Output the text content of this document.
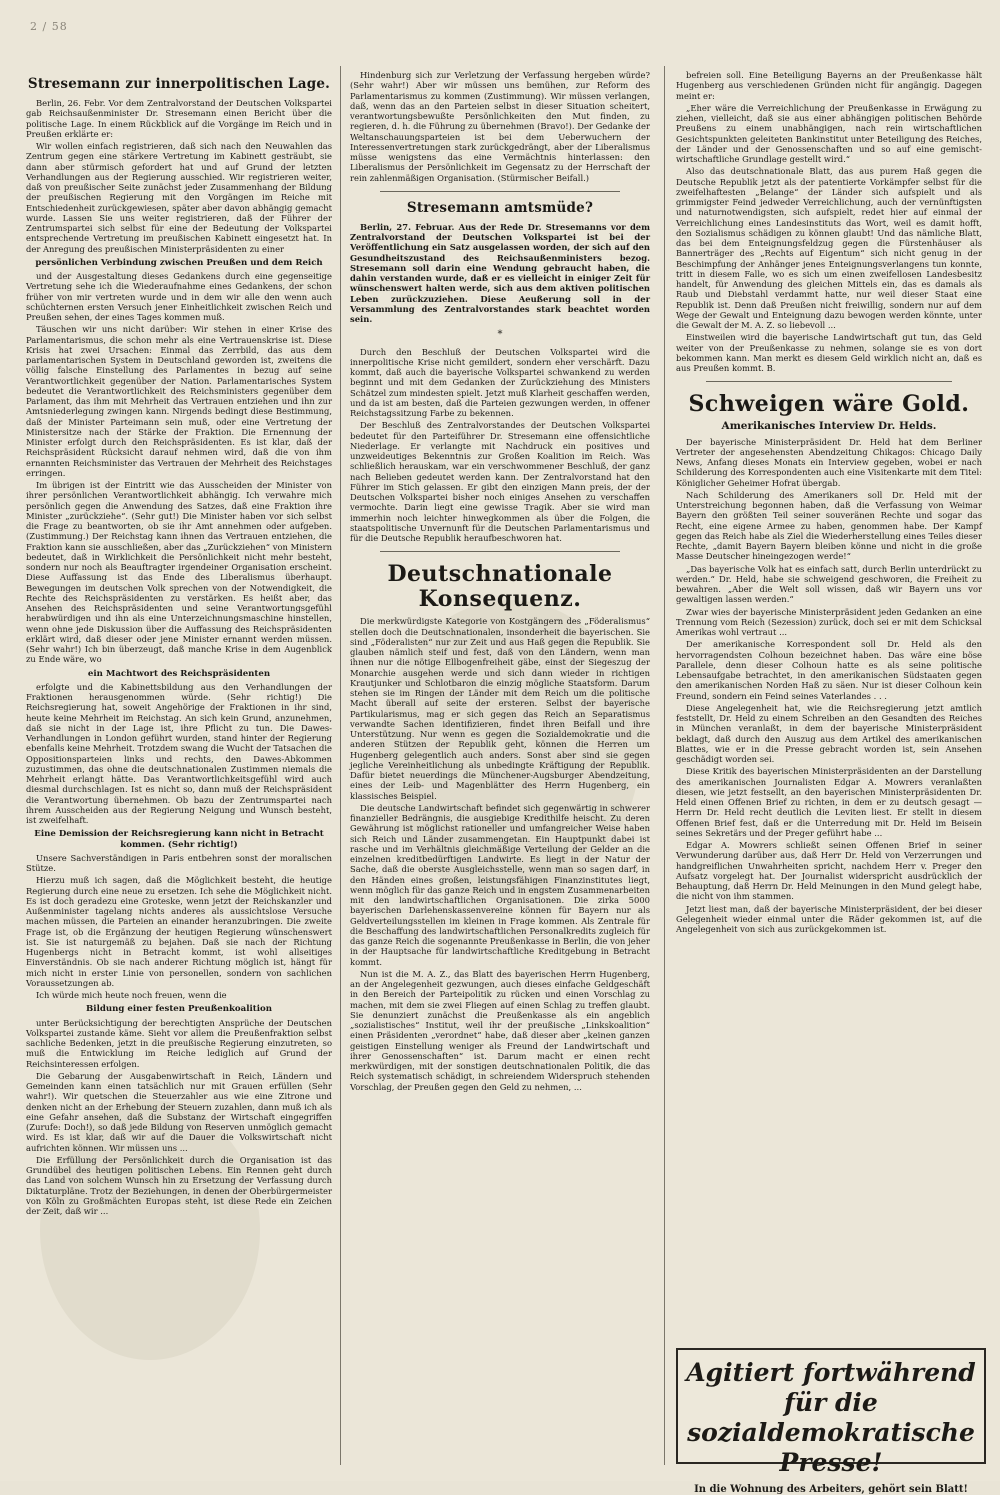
2 / 58
Stresemann zur innerpolitischen Lage.

Berlin, 26. Febr. Vor dem Zentralvorstand der Deutschen Volkspartei gab Reichsaußenminister Dr. Stresemann einen Bericht über die politische Lage. In einem Rückblick auf die Vorgänge im Reich und in Preußen erklärte er:

Wir wollen einfach registrieren, daß sich nach den Neuwahlen das Zentrum gegen eine stärkere Vertretung im Kabinett gesträubt, sie dann aber stürmisch gefordert hat und auf Grund der letzten Verhandlungen aus der Regierung ausschied. Wir registrieren weiter, daß von preußischer Seite zunächst jeder Zusammenhang der Bildung der preußischen Regierung mit den Vorgängen im Reiche mit Entschiedenheit zurückgewiesen, später aber davon abhängig gemacht wurde. Lassen Sie uns weiter registrieren, daß der Führer der Zentrumspartei sich selbst für eine der Bedeutung der Volkspartei entsprechende Vertretung im preußischen Kabinett eingesetzt hat. In der Anregung des preußischen Ministerpräsidenten zu einer

persönlichen Verbindung zwischen Preußen und dem Reich

und der Ausgestaltung dieses Gedankens durch eine gegenseitige Vertretung sehe ich die Wiederaufnahme eines Gedankens, der schon früher von mir vertreten wurde und in dem wir alle den wenn auch schüchternen ersten Versuch jener Einheitlichkeit zwischen Reich und Preußen sehen, der eines Tages kommen muß.

Täuschen wir uns nicht darüber: Wir stehen in einer Krise des Parlamentarismus, die schon mehr als eine Vertrauenskrise ist. Diese Krisis hat zwei Ursachen: Einmal das Zerrbild, das aus dem parlamentarischen System in Deutschland geworden ist, zweitens die völlig falsche Einstellung des Parlamentes in bezug auf seine Verantwortlichkeit gegenüber der Nation. Parlamentarisches System bedeutet die Verantwortlichkeit des Reichsministers gegenüber dem Parlament, das ihm mit Mehrheit das Vertrauen entziehen und ihn zur Amtsniederlegung zwingen kann. Nirgends bedingt diese Bestimmung, daß der Minister Parteimann sein muß, oder eine Vertretung der Ministersitze nach der Stärke der Fraktion. Die Ernennung der Minister erfolgt durch den Reichspräsidenten. Es ist klar, daß der Reichspräsident Rücksicht darauf nehmen wird, daß die von ihm ernannten Reichsminister das Vertrauen der Mehrheit des Reichstages erringen.

Im übrigen ist der Eintritt wie das Ausscheiden der Minister von ihrer persönlichen Verantwortlichkeit abhängig. Ich verwahre mich persönlich gegen die Anwendung des Satzes, daß eine Fraktion ihre Minister „zurückziehe“. (Sehr gut!) Die Minister haben vor sich selbst die Frage zu beantworten, ob sie ihr Amt annehmen oder aufgeben. (Zustimmung.) Der Reichstag kann ihnen das Vertrauen entziehen, die Fraktion kann sie ausschließen, aber das „Zurückziehen“ von Ministern bedeutet, daß in Wirklichkeit die Persönlichkeit nicht mehr besteht, sondern nur noch als Beauftragter irgendeiner Organisation erscheint. Diese Auffassung ist das Ende des Liberalismus überhaupt. Bewegungen im deutschen Volk sprechen von der Notwendigkeit, die Rechte des Reichspräsidenten zu verstärken. Es heißt aber, das Ansehen des Reichspräsidenten und seine Verantwortungsgefühl herabwürdigen und ihn als eine Unterzeichnungsmaschine hinstellen, wenn ohne jede Diskussion über die Auffassung des Reichspräsidenten erklärt wird, daß dieser oder jene Minister ernannt werden müssen. (Sehr wahr!) Ich bin überzeugt, daß manche Krise in dem Augenblick zu Ende wäre, wo

ein Machtwort des Reichspräsidenten

erfolgte und die Kabinettsbildung aus den Verhandlungen der Fraktionen herausgenommen würde. (Sehr richtig!) Die Reichsregierung hat, soweit Angehörige der Fraktionen in ihr sind, heute keine Mehrheit im Reichstag. An sich kein Grund, anzunehmen, daß sie nicht in der Lage ist, ihre Pflicht zu tun. Die Dawes-Verhandlungen in London geführt wurden, stand hinter der Regierung ebenfalls keine Mehrheit. Trotzdem swang die Wucht der Tatsachen die Oppositionsparteien links und rechts, den Dawes-Abkommen zuzustimmen, das ohne die deutschnationalen Zustimmen niemals die Mehrheit erlangt hätte. Das Verantwortlichkeitsgefühl wird auch diesmal durchschlagen. Ist es nicht so, dann muß der Reichspräsident die Verantwortung übernehmen. Ob bazu der Zentrumspartei nach ihrem Ausscheiden aus der Regierung Neigung und Wunsch besteht, ist zweifelhaft.

Eine Demission der Reichsregierung kann nicht in Betracht kommen. (Sehr richtig!)

Unsere Sachverständigen in Paris entbehren sonst der moralischen Stütze.

Hierzu muß ich sagen, daß die Möglichkeit besteht, die heutige Regierung durch eine neue zu ersetzen. Ich sehe die Möglichkeit nicht. Es ist doch geradezu eine Groteske, wenn jetzt der Reichskanzler und Außenminister tagelang nichts anderes als aussichtslose Versuche machen müssen, die Parteien an einander heranzubringen. Die zweite Frage ist, ob die Ergänzung der heutigen Regierung wünschenswert ist. Sie ist naturgemäß zu bejahen. Daß sie nach der Richtung Hugenbergs nicht in Betracht kommt, ist wohl allseitiges Einverständnis. Ob sie nach anderer Richtung möglich ist, hängt für mich nicht in erster Linie von personellen, sondern von sachlichen Voraussetzungen ab.

Ich würde mich heute noch freuen, wenn die

Bildung einer festen Preußenkoalition

unter Berücksichtigung der berechtigten Ansprüche der Deutschen Volkspartei zustande käme. Sieht vor allem die Preußenfraktion selbst sachliche Bedenken, jetzt in die preußische Regierung einzutreten, so muß die Entwicklung im Reiche lediglich auf Grund der Reichsinteressen erfolgen.

Die Gebarung der Ausgabenwirtschaft in Reich, Ländern und Gemeinden kann einen tatsächlich nur mit Grauen erfüllen (Sehr wahr!). Wir quetschen die Steuerzahler aus wie eine Zitrone und denken nicht an der Erhebung der Steuern zuzahlen, dann muß ich als eine Gefahr ansehen, daß die Substanz der Wirtschaft eingegriffen (Zurufe: Doch!), so daß jede Bildung von Reserven unmöglich gemacht wird. Es ist klar, daß wir auf die Dauer die Volkswirtschaft nicht aufrichten können. Wir müssen uns ...

Die Erfüllung der Persönlichkeit durch die Organisation ist das Grundübel des heutigen politischen Lebens. Ein Rennen geht durch das Land von solchem Wunsch hin zu Ersetzung der Verfassung durch Diktaturpläne. Trotz der Beziehungen, in denen der Oberbürgermeister von Köln zu Großmächten Europas steht, ist diese Rede ein Zeichen der Zeit, daß wir ...

Hindenburg sich zur Verletzung der Verfassung hergeben würde? (Sehr wahr!) Aber wir müssen uns bemühen, zur Reform des Parlamentarismus zu kommen (Zustimmung). Wir müssen verlangen, daß, wenn das an den Parteien selbst in dieser Situation scheitert, verantwortungsbewußte Persönlichkeiten den Mut finden, zu regieren, d. h. die Führung zu übernehmen (Bravo!). Der Gedanke der Weltanschauungsparteien ist bei dem Ueberwuchern der Interessenvertretungen stark zurückgedrängt, aber der Liberalismus müsse wenigstens das eine Vermächtnis hinterlassen: den Liberalismus der Persönlichkeit im Gegensatz zu der Herrschaft der rein zahlenmäßigen Organisation. (Stürmischer Beifall.)

Stresemann amtsmüde?

Berlin, 27. Februar. Aus der Rede Dr. Stresemanns vor dem Zentralvorstand der Deutschen Volkspartei ist bei der Veröffentlichung ein Satz ausgelassen worden, der sich auf den Gesundheitszustand des Reichsaußenministers bezog. Stresemann soll darin eine Wendung gebraucht haben, die dahin verstanden wurde, daß er es vielleicht in einiger Zeit für wünschenswert halten werde, sich aus dem aktiven politischen Leben zurückzuziehen. Diese Aeußerung soll in der Versammlung des Zentralvorstandes stark beachtet worden sein.

*

Durch den Beschluß der Deutschen Volkspartei wird die innerpolitische Krise nicht gemildert, sondern eher verschärft. Dazu kommt, daß auch die bayerische Volkspartei schwankend zu werden beginnt und mit dem Gedanken der Zurückziehung des Ministers Schätzel zum mindesten spielt. Jetzt muß Klarheit geschaffen werden, und da ist am besten, daß die Parteien gezwungen werden, in offener Reichstagssitzung Farbe zu bekennen.

Der Beschluß des Zentralvorstandes der Deutschen Volkspartei bedeutet für den Parteiführer Dr. Stresemann eine offensichtliche Niederlage. Er verlangte mit Nachdruck ein positives und unzweideutiges Bekenntnis zur Großen Koalition im Reich. Was schließlich herauskam, war ein verschwommener Beschluß, der ganz nach Belieben gedeutet werden kann. Der Zentralvorstand hat den Führer im Stich gelassen. Er gibt den einzigen Mann preis, der der Deutschen Volkspartei bisher noch einiges Ansehen zu verschaffen vermochte. Darin liegt eine gewisse Tragik. Aber sie wird man immerhin noch leichter hinwegkommen als über die Folgen, die staatspolitische Unvernunft für die Deutschen Parlamentarismus und für die Deutsche Republik heraufbeschworen hat.

Deutschnationale Konsequenz.

Die merkwürdigste Kategorie von Kostgängern des „Föderalismus“ stellen doch die Deutschnationalen, insonderheit die bayerischen. Sie sind „Föderalisten“ nur zur Zeit und aus Haß gegen die Republik. Sie glauben nämlich steif und fest, daß von den Ländern, wenn man ihnen nur die nötige Ellbogenfreiheit gäbe, einst der Siegeszug der Monarchie ausgehen werde und sich dann wieder in richtigen Krautjunker und Schlotbaron die einzig mögliche Staatsform. Darum stehen sie im Ringen der Länder mit dem Reich um die politische Macht überall auf seite der ersteren. Selbst der bayerische Partikularismus, mag er sich gegen das Reich an Separatismus verwandte Sachen identifizieren, findet ihren Beifall und ihre Unterstützung. Nur wenn es gegen die Sozialdemokratie und die anderen Stützen der Republik geht, können die Herren um Hugenberg gelegentlich auch anders. Sonst aber sind sie gegen jegliche Vereinheitlichung als unbedingte Kräftigung der Republik. Dafür bietet neuerdings die Münchener-Augsburger Abendzeitung, eines der Leib- und Magenblätter des Herrn Hugenberg, ein klassisches Beispiel.

Die deutsche Landwirtschaft befindet sich gegenwärtig in schwerer finanzieller Bedrängnis, die ausgiebige Kredithilfe heischt. Zu deren Gewährung ist möglichst rationeller und umfangreicher Weise haben sich Reich und Länder zusammengetan. Ein Hauptpunkt dabei ist rasche und im Verhältnis gleichmäßige Verteilung der Gelder an die einzelnen kreditbedürftigen Landwirte. Es liegt in der Natur der Sache, daß die oberste Ausgleichsstelle, wenn man so sagen darf, in den Händen eines großen, leistungsfähigen Finanzinstitutes liegt, wenn möglich für das ganze Reich und in engstem Zusammenarbeiten mit den landwirtschaftlichen Organisationen. Die zirka 5000 bayerischen Darlehenskassenvereine können für Bayern nur als Geldverteilungsstellen im kleinen in Frage kommen. Als Zentrale für die Beschaffung des landwirtschaftlichen Personalkredits zugleich für das ganze Reich die sogenannte Preußenkasse in Berlin, die von jeher in der Hauptsache für landwirtschaftliche Kreditgebung in Betracht kommt.

Nun ist die M. A. Z., das Blatt des bayerischen Herrn Hugenberg, an der Angelegenheit gezwungen, auch dieses einfache Geldgeschäft in den Bereich der Parteipolitik zu rücken und einen Vorschlag zu machen, mit dem sie zwei Fliegen auf einen Schlag zu treffen glaubt. Sie denunziert zunächst die Preußenkasse als ein angeblich „sozialistisches“ Institut, weil ihr der preußische „Linkskoalition“ einen Präsidenten „verordnet“ habe, daß dieser aber „keinen ganzen geistigen Einstellung weniger als Freund der Landwirtschaft und ihrer Genossenschaften“ ist. Darum macht er einen recht merkwürdigen, mit der sonstigen deutschnationalen Politik, die das Reich systematisch schädigt, in schreiendem Widerspruch stehenden Vorschlag, der Preußen gegen den Geld zu nehmen, ...

befreien soll. Eine Beteiligung Bayerns an der Preußenkasse hält Hugenberg aus verschiedenen Gründen nicht für angängig. Dagegen meint er:

„Eher wäre die Verreichlichung der Preußenkasse in Erwägung zu ziehen, vielleicht, daß sie aus einer abhängigen politischen Behörde Preußens zu einem unabhängigen, nach rein wirtschaftlichen Gesichtspunkten geleiteten Bankinstitut unter Beteiligung des Reiches, der Länder und der Genossenschaften und so auf eine gemischt-wirtschaftliche Grundlage gestellt wird.“

Also das deutschnationale Blatt, das aus purem Haß gegen die Deutsche Republik jetzt als der patentierte Vorkämpfer selbst für die zweifelhaftesten „Belange“ der Länder sich aufspielt und als grimmigster Feind jedweder Verreichlichung, auch der vernünftigsten und naturnotwendigsten, sich aufspielt, redet hier auf einmal der Verreichlichung eines Landesinstituts das Wort, weil es damit hofft, den Sozialismus schädigen zu können glaubt! Und das nämliche Blatt, das bei dem Enteignungsfeldzug gegen die Fürstenhäuser als Bannerträger des „Rechts auf Eigentum“ sich nicht genug in der Beschimpfung der Anhänger jenes Enteignungsverlangens tun konnte, tritt in diesem Falle, wo es sich um einen zweifellosen Landesbesitz handelt, für Anwendung des gleichen Mittels ein, das es damals als Raub und Diebstahl verdammt hatte, nur weil dieser Staat eine Republik ist. Denn daß Preußen nicht freiwillig, sondern nur auf dem Wege der Gewalt und Enteignung dazu bewogen werden könnte, unter die Gewalt der M. A. Z. so liebevoll ...

Einstweilen wird die bayerische Landwirtschaft gut tun, das Geld weiter von der Preußenkasse zu nehmen, solange sie es von dort bekommen kann. Man merkt es diesem Geld wirklich nicht an, daß es aus Preußen kommt. B.

Schweigen wäre Gold.
Amerikanisches Interview Dr. Helds.

Der bayerische Ministerpräsident Dr. Held hat dem Berliner Vertreter der angesehensten Abendzeitung Chikagos: Chicago Daily News, Anfang dieses Monats ein Interview gegeben, wobei er nach Schilderung des Korrespondenten auch eine Visitenkarte mit dem Titel: Königlicher Geheimer Hofrat übergab.

Nach Schilderung des Amerikaners soll Dr. Held mit der Unterstreichung begonnen haben, daß die Verfassung von Weimar Bayern den größten Teil seiner souveränen Rechte und sogar das Recht, eine eigene Armee zu haben, genommen habe. Der Kampf gegen das Reich habe als Ziel die Wiederherstellung eines Teiles dieser Rechte, „damit Bayern Bayern bleiben könne und nicht in die große Masse Deutscher hineingezogen werde!“

„Das bayerische Volk hat es einfach satt, durch Berlin unterdrückt zu werden.“ Dr. Held, habe sie schweigend geschworen, die Freiheit zu bewahren. „Aber die Welt soll wissen, daß wir Bayern uns vor gewaltigen lassen werden.“

Zwar wies der bayerische Ministerpräsident jeden Gedanken an eine Trennung vom Reich (Sezession) zurück, doch sei er mit dem Schicksal Amerikas wohl vertraut ...

Der amerikanische Korrespondent soll Dr. Held als den hervorragendsten Colhoun bezeichnet haben. Das wäre eine böse Parallele, denn dieser Colhoun hatte es als seine politische Lebensaufgabe betrachtet, in den amerikanischen Südstaaten gegen den amerikanischen Norden Haß zu säen. Nur ist dieser Colhoun kein Freund, sondern ein Feind seines Vaterlandes . . .

Diese Angelegenheit hat, wie die Reichsregierung jetzt amtlich feststellt, Dr. Held zu einem Schreiben an den Gesandten des Reiches in München veranlaßt, in dem der bayerische Ministerpräsident beklagt, daß durch den Auszug aus dem Artikel des amerikanischen Blattes, wie er in die Presse gebracht worden ist, sein Ansehen geschädigt worden sei.

Diese Kritik des bayerischen Ministerpräsidenten an der Darstellung des amerikanischen Journalisten Edgar A. Mowrers veranlaßten diesen, wie jetzt festsellt, an den bayerischen Ministerpräsidenten Dr. Held einen Offenen Brief zu richten, in dem er zu deutsch gesagt — Herrn Dr. Held recht deutlich die Leviten liest. Er stellt in diesem Offenen Brief fest, daß er die Unterredung mit Dr. Held im Beisein seines Sekretärs und der Preger geführt habe ...

Edgar A. Mowrers schließt seinen Offenen Brief in seiner Verwunderung darüber aus, daß Herr Dr. Held von Verzerrungen und handgreiflichen Unwahrheiten spricht, nachdem Herr v. Preger den Aufsatz vorgelegt hat. Der Journalist widerspricht ausdrücklich der Behauptung, daß Herrn Dr. Held Meinungen in den Mund gelegt habe, die nicht von ihm stammen.

Jetzt liest man, daß der bayerische Ministerpräsident, der bei dieser Gelegenheit wieder einmal unter die Räder gekommen ist, auf die Angelegenheit von sich aus zurückgekommen ist.

Agitiert fortwährend für die
sozialdemokratische Presse!
In die Wohnung des Arbeiters, gehört sein Blatt!
